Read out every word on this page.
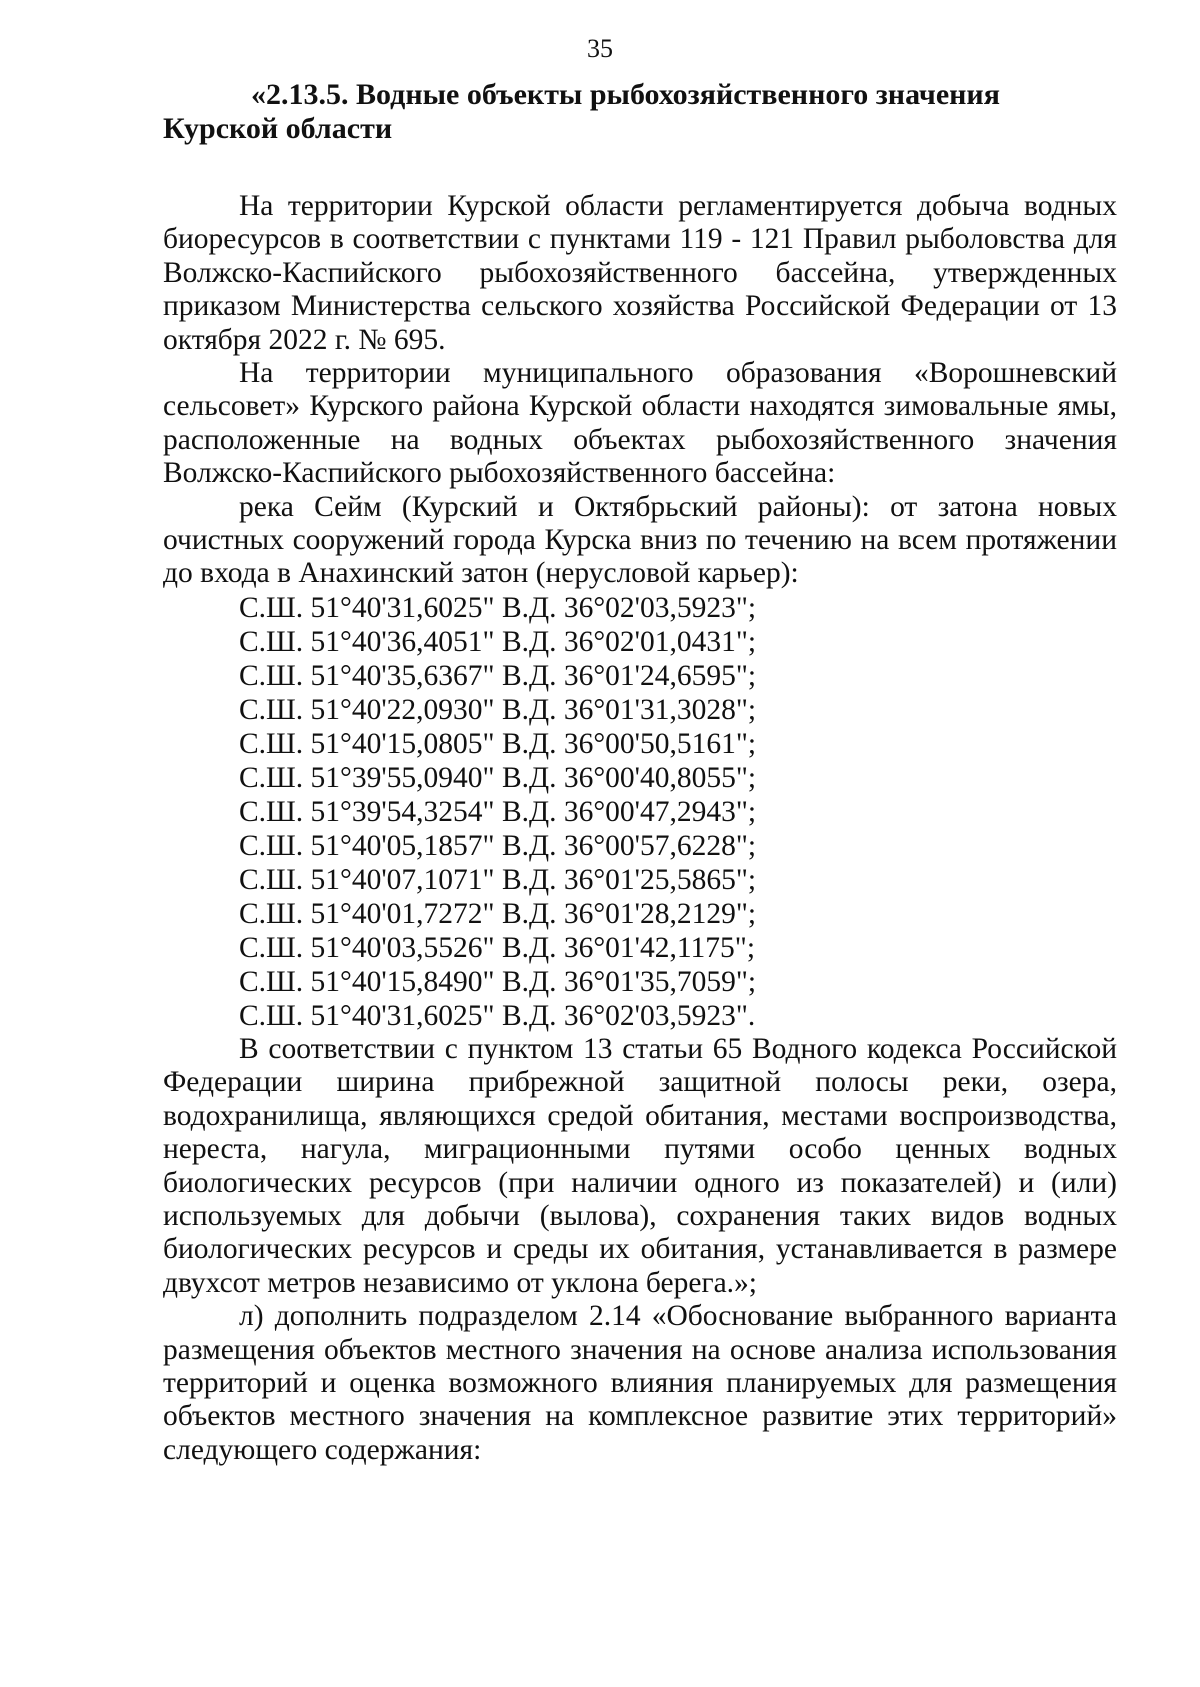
35

«2.13.5. Водные объекты рыбохозяйственного значения Курской области

На территории Курской области регламентируется добыча водных биоресурсов в соответствии с пунктами 119 - 121 Правил рыболовства для Волжско-Каспийского рыбохозяйственного бассейна, утвержденных приказом Министерства сельского хозяйства Российской Федерации от 13 октября 2022 г. № 695.

На территории муниципального образования «Ворошневский сельсовет» Курского района Курской области находятся зимовальные ямы, расположенные на водных объектах рыбохозяйственного значения Волжско-Каспийского рыбохозяйственного бассейна:

река Сейм (Курский и Октябрьский районы): от затона новых очистных сооружений города Курска вниз по течению на всем протяжении до входа в Анахинский затон (нерусловой карьер):

С.Ш. 51°40'31,6025" В.Д. 36°02'03,5923";
С.Ш. 51°40'36,4051" В.Д. 36°02'01,0431";
С.Ш. 51°40'35,6367" В.Д. 36°01'24,6595";
С.Ш. 51°40'22,0930" В.Д. 36°01'31,3028";
С.Ш. 51°40'15,0805" В.Д. 36°00'50,5161";
С.Ш. 51°39'55,0940" В.Д. 36°00'40,8055";
С.Ш. 51°39'54,3254" В.Д. 36°00'47,2943";
С.Ш. 51°40'05,1857" В.Д. 36°00'57,6228";
С.Ш. 51°40'07,1071" В.Д. 36°01'25,5865";
С.Ш. 51°40'01,7272" В.Д. 36°01'28,2129";
С.Ш. 51°40'03,5526" В.Д. 36°01'42,1175";
С.Ш. 51°40'15,8490" В.Д. 36°01'35,7059";
С.Ш. 51°40'31,6025" В.Д. 36°02'03,5923".

В соответствии с пунктом 13 статьи 65 Водного кодекса Российской Федерации ширина прибрежной защитной полосы реки, озера, водохранилища, являющихся средой обитания, местами воспроизводства, нереста, нагула, миграционными путями особо ценных водных биологических ресурсов (при наличии одного из показателей) и (или) используемых для добычи (вылова), сохранения таких видов водных биологических ресурсов и среды их обитания, устанавливается в размере двухсот метров независимо от уклона берега.»;

л) дополнить подразделом 2.14 «Обоснование выбранного варианта размещения объектов местного значения на основе анализа использования территорий и оценка возможного влияния планируемых для размещения объектов местного значения на комплексное развитие этих территорий» следующего содержания:
